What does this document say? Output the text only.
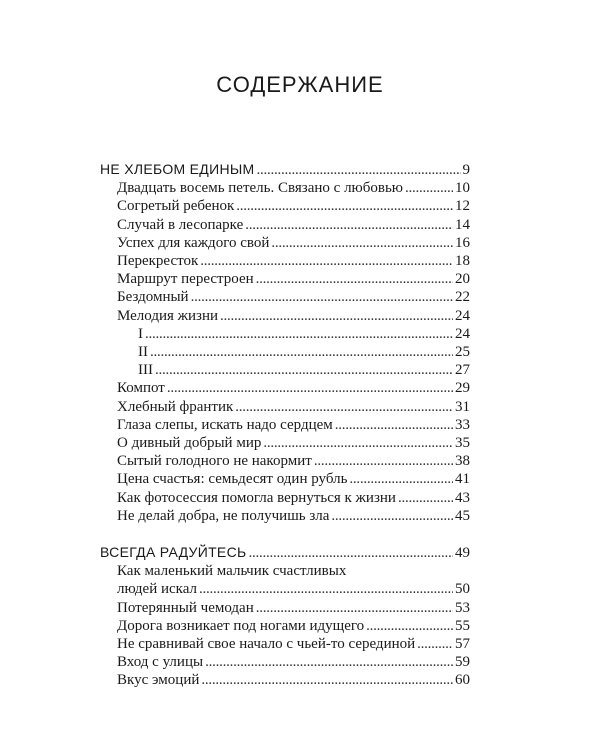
СОДЕРЖАНИЕ
НЕ ХЛЕБОМ ЕДИНЫМ . . .	9
Двадцать восемь петель. Связано с любовью . . .	10
Согретый ребенок . . .	12
Случай в лесопарке . . .	14
Успех для каждого свой . . .	16
Перекресток . . .	18
Маршрут перестроен . . .	20
Бездомный . . .	22
Мелодия жизни . . .	24
I . . .	24
II . . .	25
III . . .	27
Компот . . .	29
Хлебный франтик . . .	31
Глаза слепы, искать надо сердцем . . .	33
О дивный добрый мир . . .	35
Сытый голодного не накормит . . .	38
Цена счастья: семьдесят один рубль . . .	41
Как фотосессия помогла вернуться к жизни . . .	43
Не делай добра, не получишь зла . . .	45
ВСЕГДА РАДУЙТЕСЬ . . .	49
Как маленький мальчик счастливых
людей искал . . .	50
Потерянный чемодан . . .	53
Дорога возникает под ногами идущего . . .	55
Не сравнивай свое начало с чьей-то серединой . . .	57
Вход с улицы . . .	59
Вкус эмоций . . .	60
